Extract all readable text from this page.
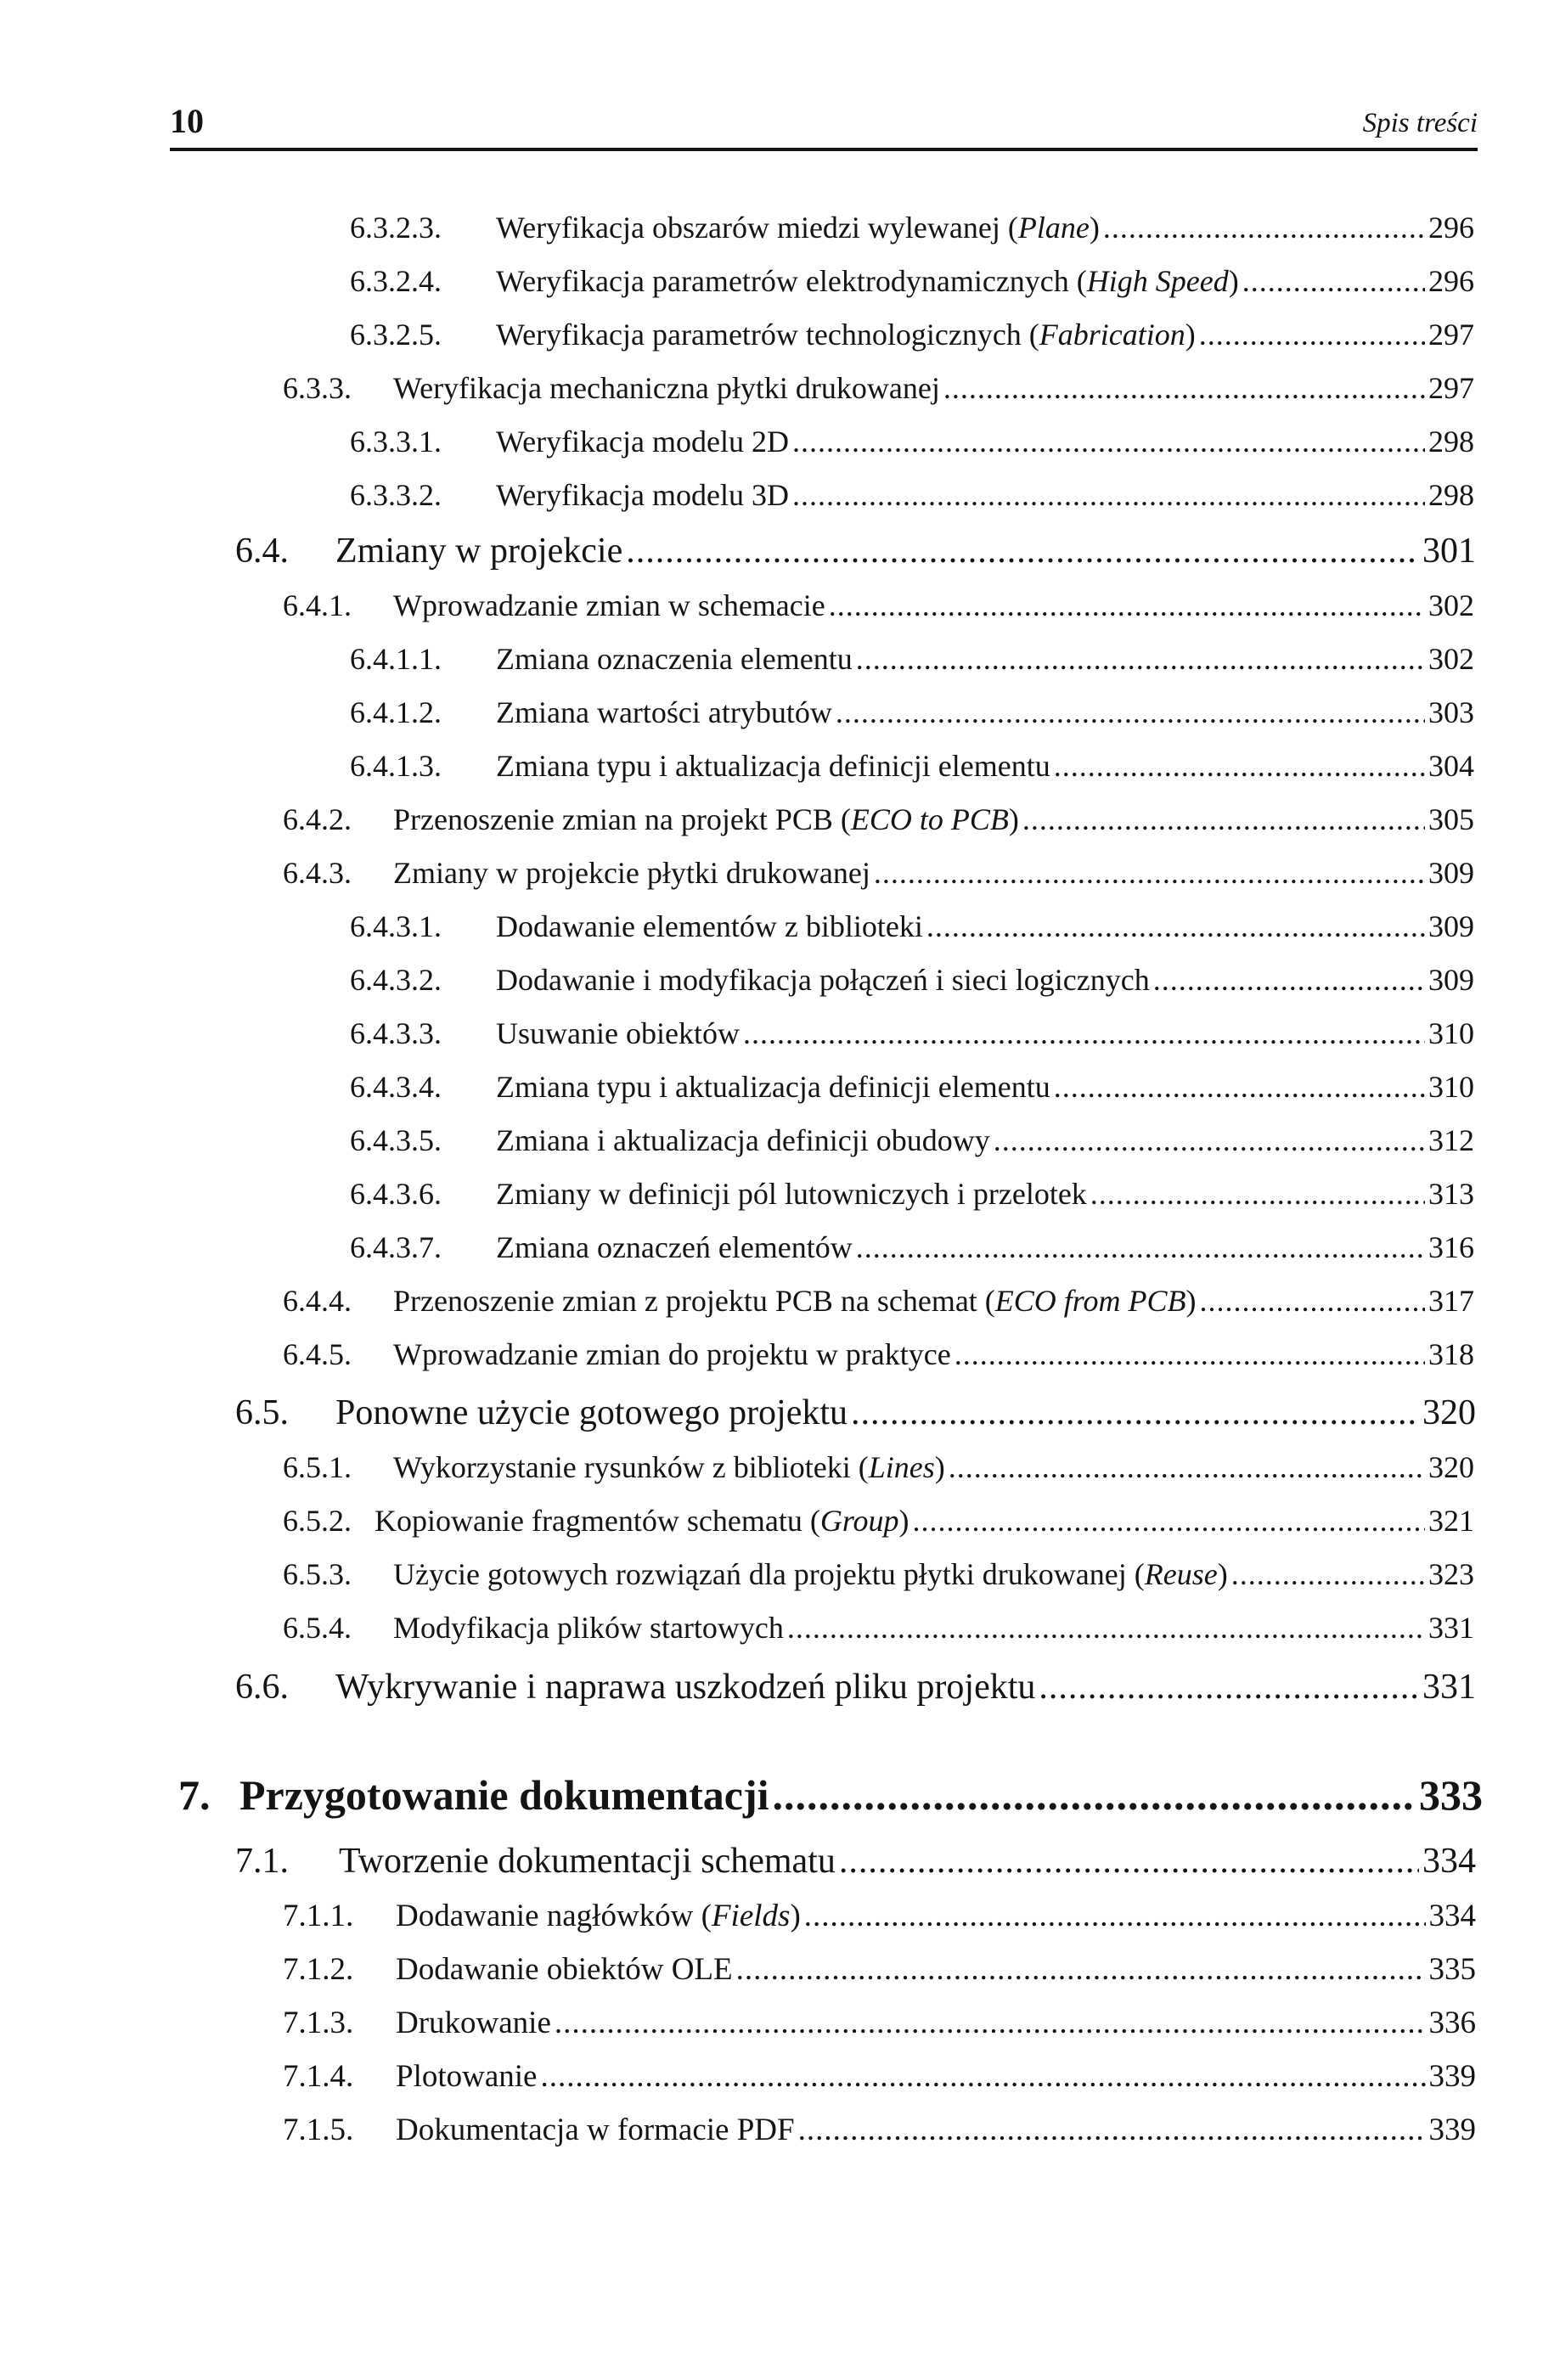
10	Spis treści
6.3.2.3.	Weryfikacja obszarów miedzi wylewanej (Plane) .....	296
6.3.2.4.	Weryfikacja parametrów elektrodynamicznych (High Speed) .....	296
6.3.2.5.	Weryfikacja parametrów technologicznych (Fabrication) .....	297
6.3.3.	Weryfikacja mechaniczna płytki drukowanej .....	297
6.3.3.1.	Weryfikacja modelu 2D .....	298
6.3.3.2.	Weryfikacja modelu 3D .....	298
6.4.	Zmiany w projekcie .....	301
6.4.1.	Wprowadzanie zmian w schemacie .....	302
6.4.1.1.	Zmiana oznaczenia elementu .....	302
6.4.1.2.	Zmiana wartości atrybutów .....	303
6.4.1.3.	Zmiana typu i aktualizacja definicji elementu .....	304
6.4.2.	Przenoszenie zmian na projekt PCB (ECO to PCB) .....	305
6.4.3.	Zmiany w projekcie płytki drukowanej .....	309
6.4.3.1.	Dodawanie elementów z biblioteki .....	309
6.4.3.2.	Dodawanie i modyfikacja połączeń i sieci logicznych .....	309
6.4.3.3.	Usuwanie obiektów .....	310
6.4.3.4.	Zmiana typu i aktualizacja definicji elementu .....	310
6.4.3.5.	Zmiana i aktualizacja definicji obudowy .....	312
6.4.3.6.	Zmiany w definicji pól lutowniczych i przelotek .....	313
6.4.3.7.	Zmiana oznaczeń elementów .....	316
6.4.4.	Przenoszenie zmian z projektu PCB na schemat (ECO from PCB) .....	317
6.4.5.	Wprowadzanie zmian do projektu w praktyce .....	318
6.5.	Ponowne użycie gotowego projektu .....	320
6.5.1.	Wykorzystanie rysunków z biblioteki (Lines) .....	320
6.5.2. Kopiowanie fragmentów schematu (Group) .....	321
6.5.3.	Użycie gotowych rozwiązań dla projektu płytki drukowanej (Reuse) .....	323
6.5.4.	Modyfikacja plików startowych .....	331
6.6.	Wykrywanie i naprawa uszkodzeń pliku projektu .....	331
7. Przygotowanie dokumentacji .....	333
7.1.	Tworzenie dokumentacji schematu .....	334
7.1.1.	Dodawanie nagłówków (Fields) .....	334
7.1.2.	Dodawanie obiektów OLE .....	335
7.1.3.	Drukowanie .....	336
7.1.4.	Plotowanie .....	339
7.1.5.	Dokumentacja w formacie PDF .....	339
